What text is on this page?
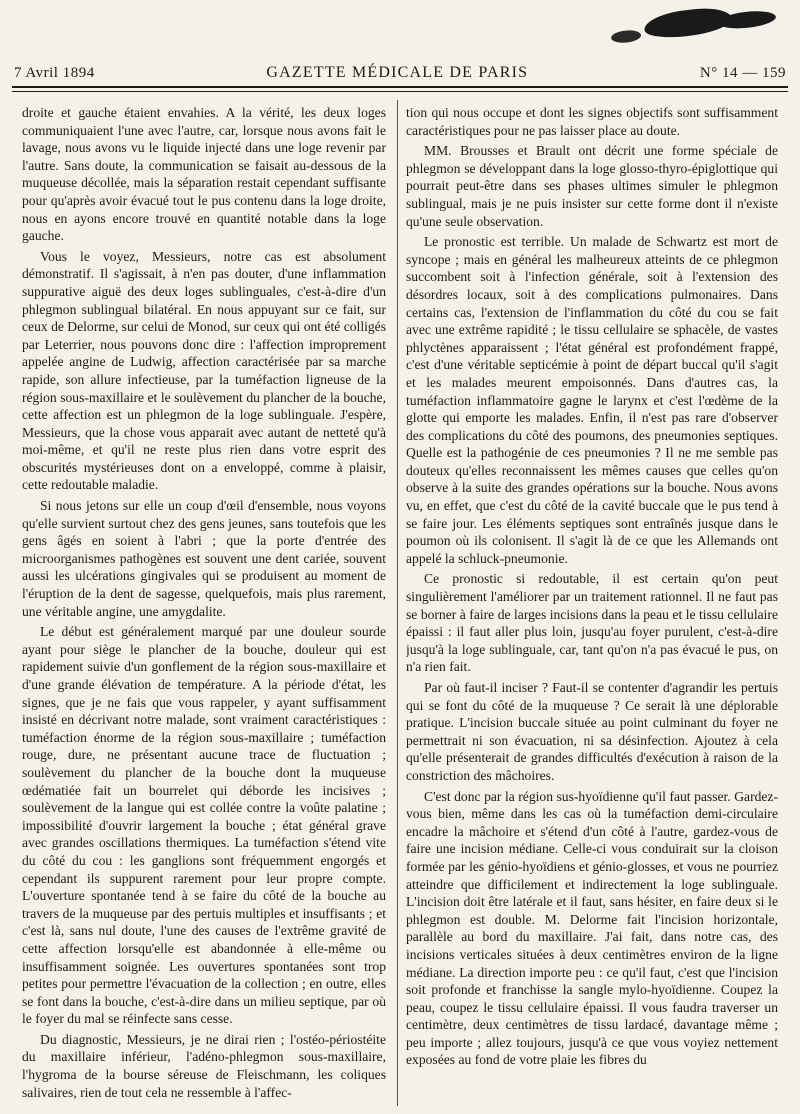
7 Avril 1894	GAZETTE MÉDICALE DE PARIS	N° 14 — 159

droite et gauche étaient envahies. A la vérité, les deux loges communiquaient l'une avec l'autre, car, lorsque nous avons fait le lavage, nous avons vu le liquide injecté dans une loge revenir par l'autre. Sans doute, la communication se faisait au-dessous de la muqueuse décollée, mais la séparation restait cependant suffisante pour qu'après avoir évacué tout le pus contenu dans la loge droite, nous en ayons encore trouvé en quantité notable dans la loge gauche.

Vous le voyez, Messieurs, notre cas est absolument démonstratif. Il s'agissait, à n'en pas douter, d'une inflammation suppurative aiguë des deux loges sublinguales, c'est-à-dire d'un phlegmon sublingual bilatéral. En nous appuyant sur ce fait, sur ceux de Delorme, sur celui de Monod, sur ceux qui ont été colligés par Leterrier, nous pouvons donc dire : l'affection improprement appelée angine de Ludwig, affection caractérisée par sa marche rapide, son allure infectieuse, par la tuméfaction ligneuse de la région sous-maxillaire et le soulèvement du plancher de la bouche, cette affection est un phlegmon de la loge sublinguale. J'espère, Messieurs, que la chose vous apparait avec autant de netteté qu'à moi-même, et qu'il ne reste plus rien dans votre esprit des obscurités mystérieuses dont on a enveloppé, comme à plaisir, cette redoutable maladie.

Si nous jetons sur elle un coup d'œil d'ensemble, nous voyons qu'elle survient surtout chez des gens jeunes, sans toutefois que les gens âgés en soient à l'abri ; que la porte d'entrée des microorganismes pathogènes est souvent une dent cariée, souvent aussi les ulcérations gingivales qui se produisent au moment de l'éruption de la dent de sagesse, quelquefois, mais plus rarement, une véritable angine, une amygdalite.

Le début est généralement marqué par une douleur sourde ayant pour siège le plancher de la bouche, douleur qui est rapidement suivie d'un gonflement de la région sous-maxillaire et d'une grande élévation de température. A la période d'état, les signes, que je ne fais que vous rappeler, y ayant suffisamment insisté en décrivant notre malade, sont vraiment caractéristiques : tuméfaction énorme de la région sous-maxillaire ; tuméfaction rouge, dure, ne présentant aucune trace de fluctuation ; soulèvement du plancher de la bouche dont la muqueuse œdématiée fait un bourrelet qui déborde les incisives ; soulèvement de la langue qui est collée contre la voûte palatine ; impossibilité d'ouvrir largement la bouche ; état général grave avec grandes oscillations thermiques. La tuméfaction s'étend vite du côté du cou : les ganglions sont fréquemment engorgés et cependant ils suppurent rarement pour leur propre compte. L'ouverture spontanée tend à se faire du côté de la bouche au travers de la muqueuse par des pertuis multiples et insuffisants ; et c'est là, sans nul doute, l'une des causes de l'extrême gravité de cette affection lorsqu'elle est abandonnée à elle-même ou insuffisamment soignée. Les ouvertures spontanées sont trop petites pour permettre l'évacuation de la collection ; en outre, elles se font dans la bouche, c'est-à-dire dans un milieu septique, par où le foyer du mal se réinfecte sans cesse.

Du diagnostic, Messieurs, je ne dirai rien ; l'ostéo-périostéite du maxillaire inférieur, l'adéno-phlegmon sous-maxillaire, l'hygroma de la bourse séreuse de Fleischmann, les coliques salivaires, rien de tout cela ne ressemble à l'affec-

tion qui nous occupe et dont les signes objectifs sont suffisamment caractéristiques pour ne pas laisser place au doute.

MM. Brousses et Brault ont décrit une forme spéciale de phlegmon se développant dans la loge glosso-thyro-épiglottique qui pourrait peut-être dans ses phases ultimes simuler le phlegmon sublingual, mais je ne puis insister sur cette forme dont il n'existe qu'une seule observation.

Le pronostic est terrible. Un malade de Schwartz est mort de syncope ; mais en général les malheureux atteints de ce phlegmon succombent soit à l'infection générale, soit à l'extension des désordres locaux, soit à des complications pulmonaires. Dans certains cas, l'extension de l'inflammation du côté du cou se fait avec une extrême rapidité ; le tissu cellulaire se sphacèle, de vastes phlyctènes apparaissent ; l'état général est profondément frappé, c'est d'une véritable septicémie à point de départ buccal qu'il s'agit et les malades meurent empoisonnés. Dans d'autres cas, la tuméfaction inflammatoire gagne le larynx et c'est l'œdème de la glotte qui emporte les malades. Enfin, il n'est pas rare d'observer des complications du côté des poumons, des pneumonies septiques. Quelle est la pathogénie de ces pneumonies ? Il ne me semble pas douteux qu'elles reconnaissent les mêmes causes que celles qu'on observe à la suite des grandes opérations sur la bouche. Nous avons vu, en effet, que c'est du côté de la cavité buccale que le pus tend à se faire jour. Les éléments septiques sont entraînés jusque dans le poumon où ils colonisent. Il s'agit là de ce que les Allemands ont appelé la schluck-pneumonie.

Ce pronostic si redoutable, il est certain qu'on peut singulièrement l'améliorer par un traitement rationnel. Il ne faut pas se borner à faire de larges incisions dans la peau et le tissu cellulaire épaissi : il faut aller plus loin, jusqu'au foyer purulent, c'est-à-dire jusqu'à la loge sublinguale, car, tant qu'on n'a pas évacué le pus, on n'a rien fait.

Par où faut-il inciser ? Faut-il se contenter d'agrandir les pertuis qui se font du côté de la muqueuse ? Ce serait là une déplorable pratique. L'incision buccale située au point culminant du foyer ne permettrait ni son évacuation, ni sa désinfection. Ajoutez à cela qu'elle présenterait de grandes difficultés d'exécution à raison de la constriction des mâchoires.

C'est donc par la région sus-hyoïdienne qu'il faut passer. Gardez-vous bien, même dans les cas où la tuméfaction demi-circulaire encadre la mâchoire et s'étend d'un côté à l'autre, gardez-vous de faire une incision médiane. Celle-ci vous conduirait sur la cloison formée par les génio-hyoïdiens et génio-glosses, et vous ne pourriez atteindre que difficilement et indirectement la loge sublinguale. L'incision doit être latérale et il faut, sans hésiter, en faire deux si le phlegmon est double. M. Delorme fait l'incision horizontale, parallèle au bord du maxillaire. J'ai fait, dans notre cas, des incisions verticales situées à deux centimètres environ de la ligne médiane. La direction importe peu : ce qu'il faut, c'est que l'incision soit profonde et franchisse la sangle mylo-hyoïdienne. Coupez la peau, coupez le tissu cellulaire épaissi. Il vous faudra traverser un centimètre, deux centimètres de tissu lardacé, davantage même ; peu importe ; allez toujours, jusqu'à ce que vous voyiez nettement exposées au fond de votre plaie les fibres du
